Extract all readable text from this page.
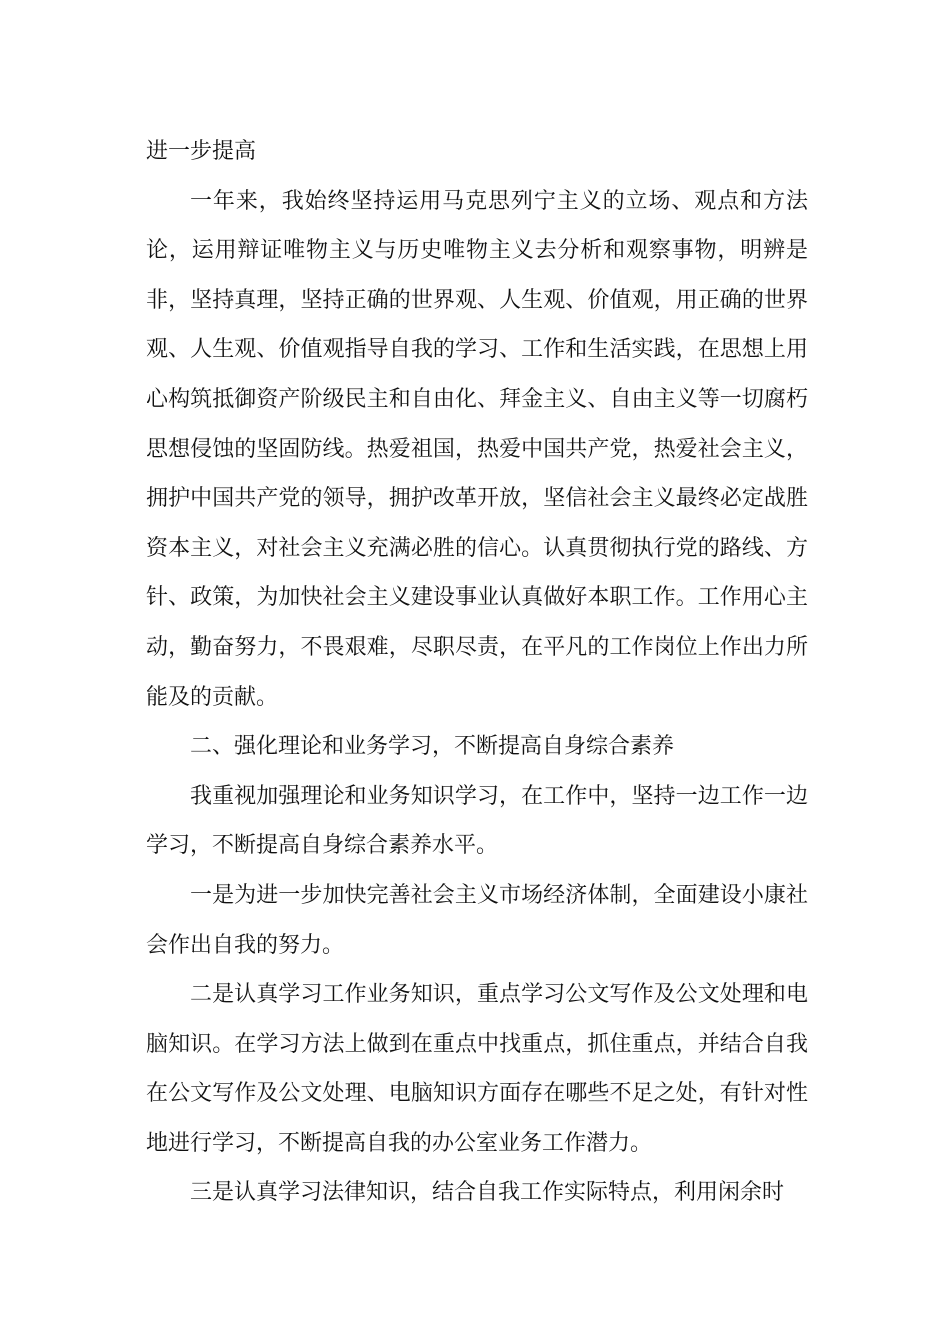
进一步提高

一年来，我始终坚持运用马克思列宁主义的立场、观点和方法论，运用辩证唯物主义与历史唯物主义去分析和观察事物，明辨是非，坚持真理，坚持正确的世界观、人生观、价值观，用正确的世界观、人生观、价值观指导自我的学习、工作和生活实践，在思想上用心构筑抵御资产阶级民主和自由化、拜金主义、自由主义等一切腐朽思想侵蚀的坚固防线。热爱祖国，热爱中国共产党，热爱社会主义，拥护中国共产党的领导，拥护改革开放，坚信社会主义最终必定战胜资本主义，对社会主义充满必胜的信心。认真贯彻执行党的路线、方针、政策，为加快社会主义建设事业认真做好本职工作。工作用心主动，勤奋努力，不畏艰难，尽职尽责，在平凡的工作岗位上作出力所能及的贡献。

二、强化理论和业务学习，不断提高自身综合素养

我重视加强理论和业务知识学习，在工作中，坚持一边工作一边学习，不断提高自身综合素养水平。

一是为进一步加快完善社会主义市场经济体制，全面建设小康社会作出自我的努力。

二是认真学习工作业务知识，重点学习公文写作及公文处理和电脑知识。在学习方法上做到在重点中找重点，抓住重点，并结合自我在公文写作及公文处理、电脑知识方面存在哪些不足之处，有针对性地进行学习，不断提高自我的办公室业务工作潜力。

三是认真学习法律知识，结合自我工作实际特点，利用闲余时
